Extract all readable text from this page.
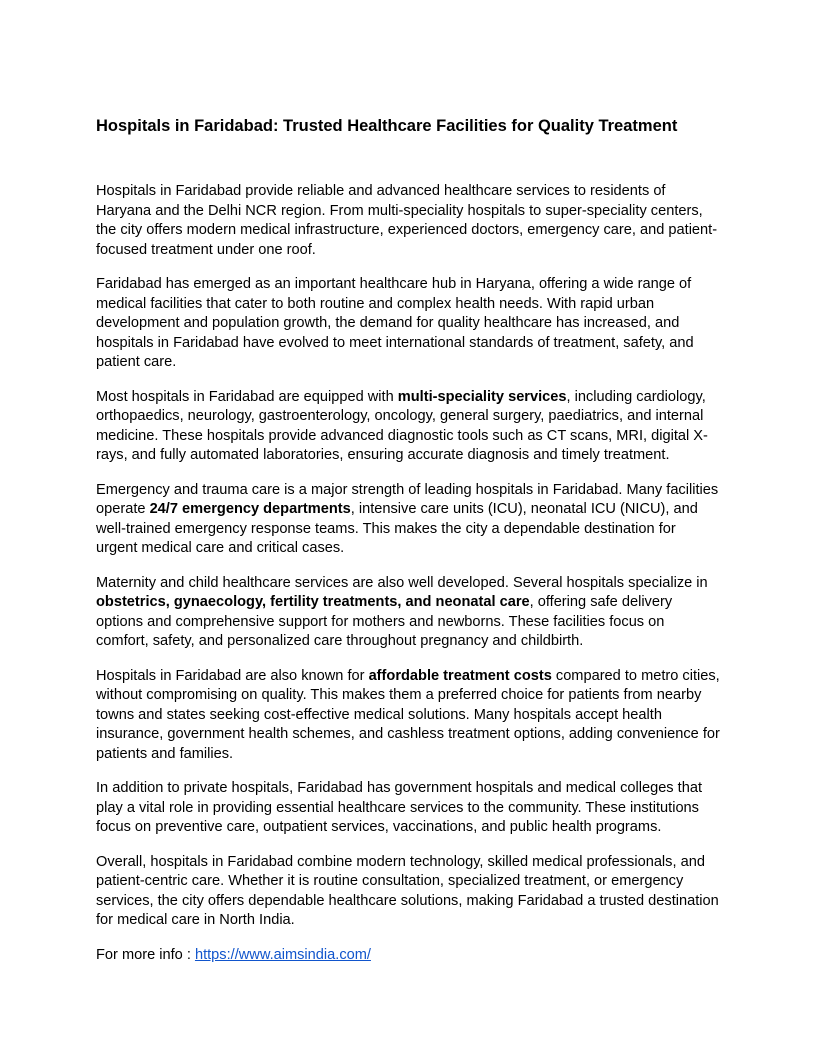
Hospitals in Faridabad: Trusted Healthcare Facilities for Quality Treatment

Hospitals in Faridabad provide reliable and advanced healthcare services to residents of Haryana and the Delhi NCR region. From multi-speciality hospitals to super-speciality centers, the city offers modern medical infrastructure, experienced doctors, emergency care, and patient-focused treatment under one roof.

Faridabad has emerged as an important healthcare hub in Haryana, offering a wide range of medical facilities that cater to both routine and complex health needs. With rapid urban development and population growth, the demand for quality healthcare has increased, and hospitals in Faridabad have evolved to meet international standards of treatment, safety, and patient care.

Most hospitals in Faridabad are equipped with multi-speciality services, including cardiology, orthopaedics, neurology, gastroenterology, oncology, general surgery, paediatrics, and internal medicine. These hospitals provide advanced diagnostic tools such as CT scans, MRI, digital X-rays, and fully automated laboratories, ensuring accurate diagnosis and timely treatment.

Emergency and trauma care is a major strength of leading hospitals in Faridabad. Many facilities operate 24/7 emergency departments, intensive care units (ICU), neonatal ICU (NICU), and well-trained emergency response teams. This makes the city a dependable destination for urgent medical care and critical cases.

Maternity and child healthcare services are also well developed. Several hospitals specialize in obstetrics, gynaecology, fertility treatments, and neonatal care, offering safe delivery options and comprehensive support for mothers and newborns. These facilities focus on comfort, safety, and personalized care throughout pregnancy and childbirth.

Hospitals in Faridabad are also known for affordable treatment costs compared to metro cities, without compromising on quality. This makes them a preferred choice for patients from nearby towns and states seeking cost-effective medical solutions. Many hospitals accept health insurance, government health schemes, and cashless treatment options, adding convenience for patients and families.

In addition to private hospitals, Faridabad has government hospitals and medical colleges that play a vital role in providing essential healthcare services to the community. These institutions focus on preventive care, outpatient services, vaccinations, and public health programs.

Overall, hospitals in Faridabad combine modern technology, skilled medical professionals, and patient-centric care. Whether it is routine consultation, specialized treatment, or emergency services, the city offers dependable healthcare solutions, making Faridabad a trusted destination for medical care in North India.

For more info : https://www.aimsindia.com/
